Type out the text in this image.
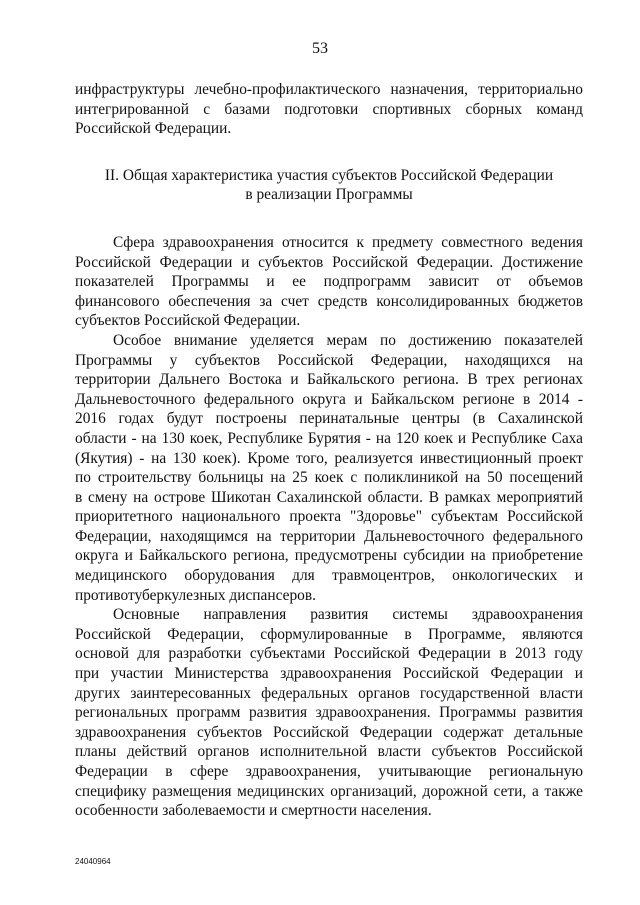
53
инфраструктуры лечебно-профилактического назначения, территориально
интегрированной с базами подготовки спортивных сборных команд
Российской Федерации.
II. Общая характеристика участия субъектов Российской Федерации
в реализации Программы
Сфера здравоохранения относится к предмету совместного ведения
Российской Федерации и субъектов Российской Федерации. Достижение
показателей Программы и ее подпрограмм зависит от объемов
финансового обеспечения за счет средств консолидированных бюджетов
субъектов Российской Федерации.
Особое внимание уделяется мерам по достижению показателей
Программы у субъектов Российской Федерации, находящихся на
территории Дальнего Востока и Байкальского региона. В трех регионах
Дальневосточного федерального округа и Байкальском регионе в 2014 -
2016 годах будут построены перинатальные центры (в Сахалинской
области - на 130 коек, Республике Бурятия - на 120 коек и Республике Саха
(Якутия) - на 130 коек). Кроме того, реализуется инвестиционный проект
по строительству больницы на 25 коек с поликлиникой на 50 посещений
в смену на острове Шикотан Сахалинской области. В рамках мероприятий
приоритетного национального проекта "Здоровье" субъектам Российской
Федерации, находящимся на территории Дальневосточного федерального
округа и Байкальского региона, предусмотрены субсидии на приобретение
медицинского оборудования для травмоцентров, онкологических и
противотуберкулезных диспансеров.
Основные направления развития системы здравоохранения
Российской Федерации, сформулированные в Программе, являются
основой для разработки субъектами Российской Федерации в 2013 году
при участии Министерства здравоохранения Российской Федерации и
других заинтересованных федеральных органов государственной власти
региональных программ развития здравоохранения. Программы развития
здравоохранения субъектов Российской Федерации содержат детальные
планы действий органов исполнительной власти субъектов Российской
Федерации в сфере здравоохранения, учитывающие региональную
специфику размещения медицинских организаций, дорожной сети, а также
особенности заболеваемости и смертности населения.
24040964
